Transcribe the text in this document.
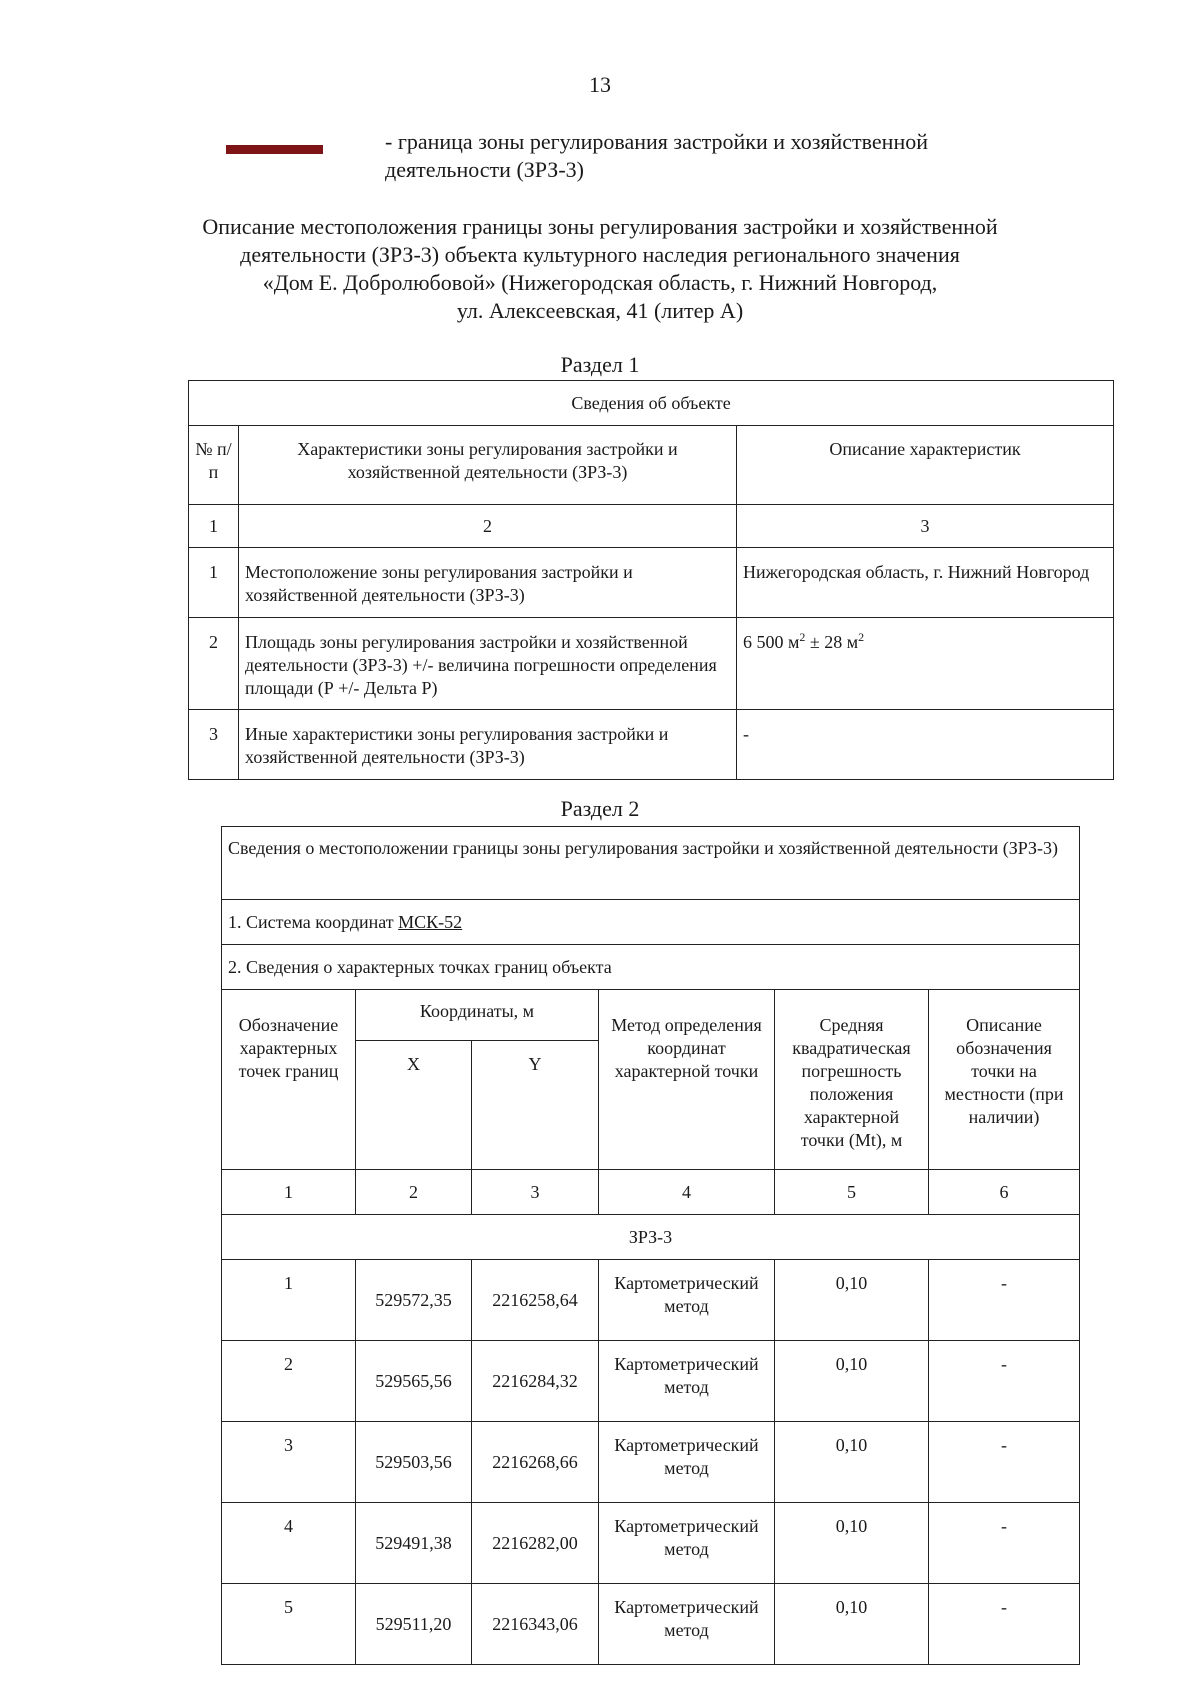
13
- граница зоны регулирования застройки и хозяйственной деятельности (ЗРЗ-3)
Описание местоположения границы зоны регулирования застройки и хозяйственной
деятельности (ЗРЗ-3) объекта культурного наследия регионального значения
«Дом Е. Добролюбовой» (Нижегородская область, г. Нижний Новгород,
ул. Алексеевская, 41 (литер А)
Раздел 1
Сведения об объекте		
№ п/п	Характеристики зоны регулирования застройки и хозяйственной деятельности (ЗРЗ-3)	Описание характеристик
1	2	3
1	Местоположение зоны регулирования застройки и хозяйственной деятельности (ЗРЗ-3)	Нижегородская область, г. Нижний Новгород
2	Площадь зоны регулирования застройки и хозяйственной деятельности (ЗРЗ-3) +/- величина погрешности определения площади (Р +/- Дельта Р)	6 500 $м^2 \pm 28$ $м^2$
3	Иные характеристики зоны регулирования застройки и хозяйственной деятельности (ЗРЗ-3)	-
Раздел 2
Сведения о местоположении границы зоны регулирования застройки и хозяйственной деятельности (ЗРЗ-3)					
1. Система координат МСК-52					
2. Сведения о характерных точках границ объекта					
Обозначение характерных точек границ	Координаты, м		Метод определения координат характерной точки	Средняя квадратическая погрешность положения характерной точки (Mt), м	Описание обозначения точки на местности (при наличии)
	X	Y			
1	2	3	4	5	6
ЗРЗ-3					
1	529572,35	2216258,64	Картометрический метод	0,10	-
2	529565,56	2216284,32	Картометрический метод	0,10	-
3	529503,56	2216268,66	Картометрический метод	0,10	-
4	529491,38	2216282,00	Картометрический метод	0,10	-
5	529511,20	2216343,06	Картометрический метод	0,10	-
